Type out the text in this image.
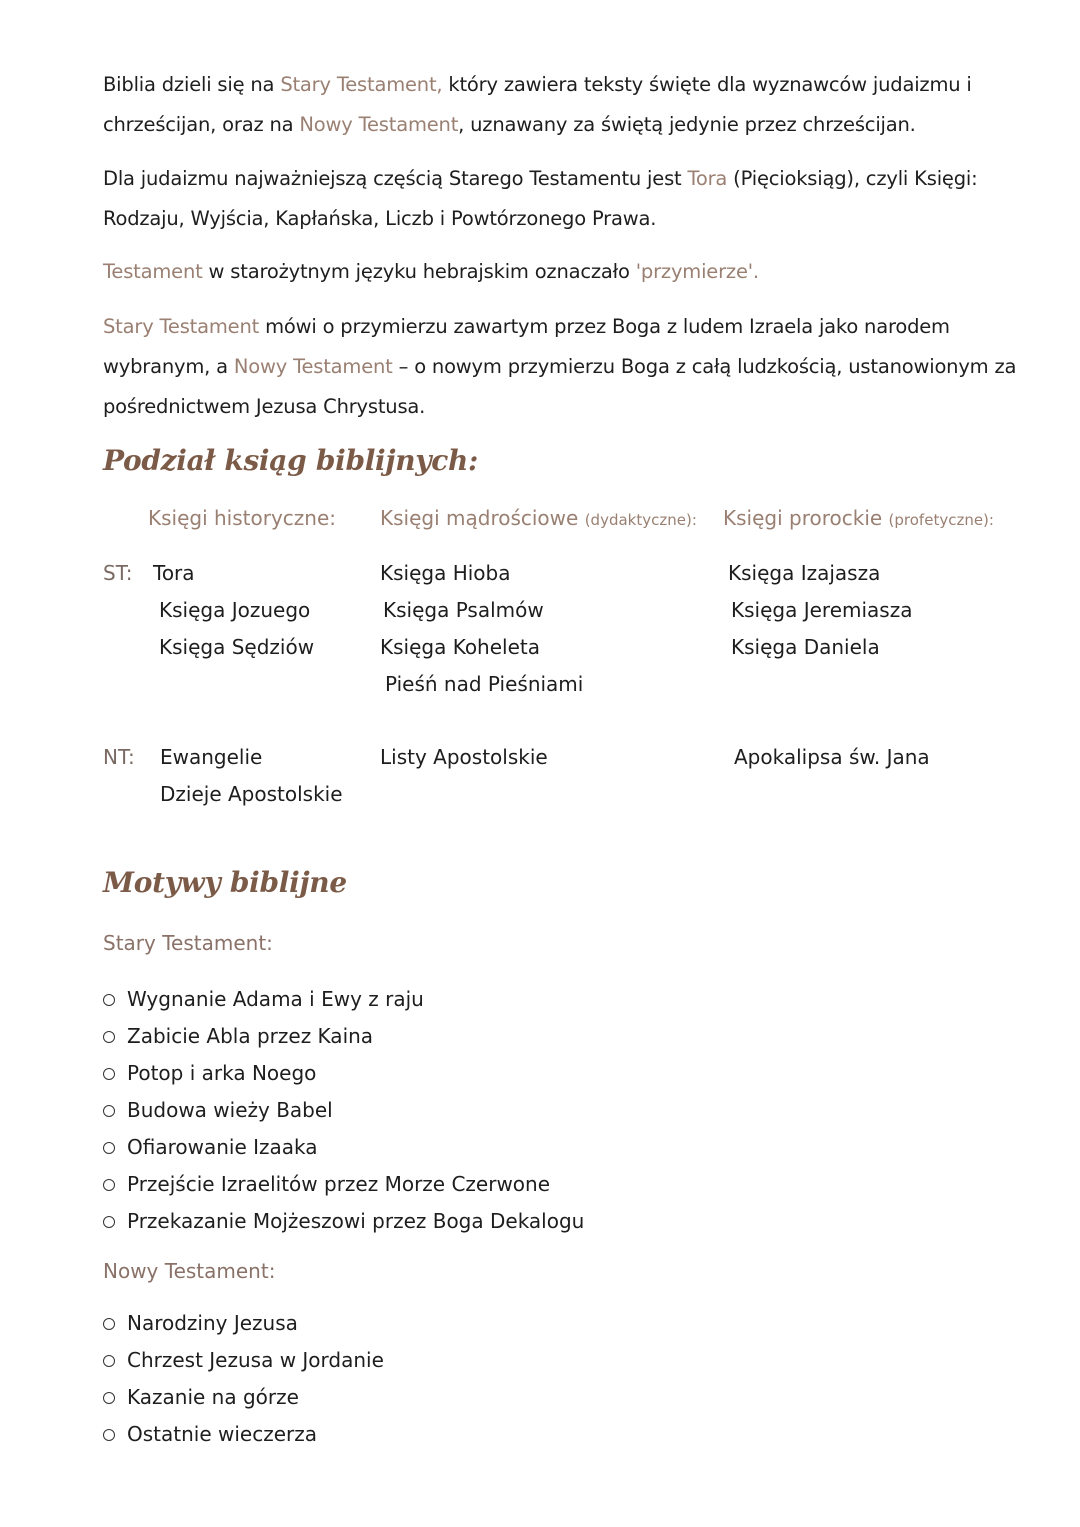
Biblia dzieli się na Stary Testament, który zawiera teksty święte dla wyznawców judaizmu i chrześcijan, oraz na Nowy Testament, uznawany za świętą jedynie przez chrześcijan.

Dla judaizmu najważniejszą częścią Starego Testamentu jest Tora (Pięcioksiąg), czyli Księgi: Rodzaju, Wyjścia, Kapłańska, Liczb i Powtórzonego Prawa.

Testament w starożytnym języku hebrajskim oznaczało 'przymierze'.

Stary Testament mówi o przymierzu zawartym przez Boga z ludem Izraela jako narodem wybranym, a Nowy Testament – o nowym przymierzu Boga z całą ludzkością, ustanowionym za pośrednictwem Jezusa Chrystusa.

Podział ksiąg biblijnych:
Księgi historyczne: Księgi mądrościowe (dydaktyczne): Księgi prorockie (profetyczne):
ST: Tora
Księga Jozuego
Księga Sędziów
Księga Hioba
Księga Psalmów
Księga Koheleta
Pieśń nad Pieśniami
Księga Izajasza
Księga Jeremiasza
Księga Daniela
NT: Ewangelie
Dzieje Apostolskie
Listy Apostolskie	Apokalipsa św. Jana
Motywy biblijne
Stary Testament:
Wygnanie Adama i Ewy z raju
Zabicie Abla przez Kaina
Potop i arka Noego
Budowa wieży Babel
Ofiarowanie Izaaka
Przejście Izraelitów przez Morze Czerwone
Przekazanie Mojżeszowi przez Boga Dekalogu
Nowy Testament:
Narodziny Jezusa
Chrzest Jezusa w Jordanie
Kazanie na górze
Ostatnie wieczerza
